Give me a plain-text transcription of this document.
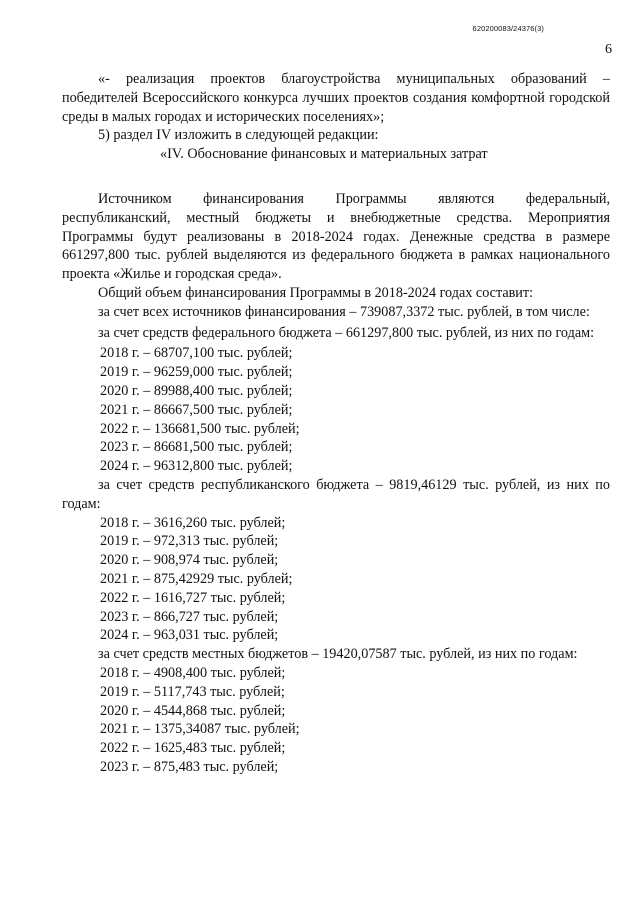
620200083/24376(3)
6

«- реализация проектов благоустройства муниципальных образований – победителей Всероссийского конкурса лучших проектов создания комфортной городской среды в малых городах и исторических поселениях»;

5) раздел IV изложить в следующей редакции:

«IV. Обоснование финансовых и материальных затрат

Источником финансирования Программы являются федеральный, республиканский, местный бюджеты и внебюджетные средства. Мероприятия Программы будут реализованы в 2018-2024 годах. Денежные средства в размере 661297,800 тыс. рублей выделяются из федерального бюджета в рамках национального проекта «Жилье и городская среда».

Общий объем финансирования Программы в 2018-2024 годах составит:

за счет всех источников финансирования – 739087,3372 тыс. рублей, в том числе:

за счет средств федерального бюджета – 661297,800 тыс. рублей, из них по годам:

2018 г. – 68707,100 тыс. рублей;

2019 г. – 96259,000 тыс. рублей;

2020 г. – 89988,400 тыс. рублей;

2021 г. – 86667,500 тыс. рублей;

2022 г. – 136681,500 тыс. рублей;

2023 г. – 86681,500 тыс. рублей;

2024 г. – 96312,800 тыс. рублей;

за счет средств республиканского бюджета – 9819,46129 тыс. рублей, из них по годам:

2018 г. – 3616,260 тыс. рублей;

2019 г. – 972,313 тыс. рублей;

2020 г. – 908,974 тыс. рублей;

2021 г. – 875,42929 тыс. рублей;

2022 г. – 1616,727 тыс. рублей;

2023 г. – 866,727 тыс. рублей;

2024 г. – 963,031 тыс. рублей;

за счет средств местных бюджетов – 19420,07587 тыс. рублей, из них по годам:

2018 г. – 4908,400 тыс. рублей;

2019 г. – 5117,743 тыс. рублей;

2020 г. – 4544,868 тыс. рублей;

2021 г. – 1375,34087 тыс. рублей;

2022 г. – 1625,483 тыс. рублей;

2023 г. – 875,483 тыс. рублей;
